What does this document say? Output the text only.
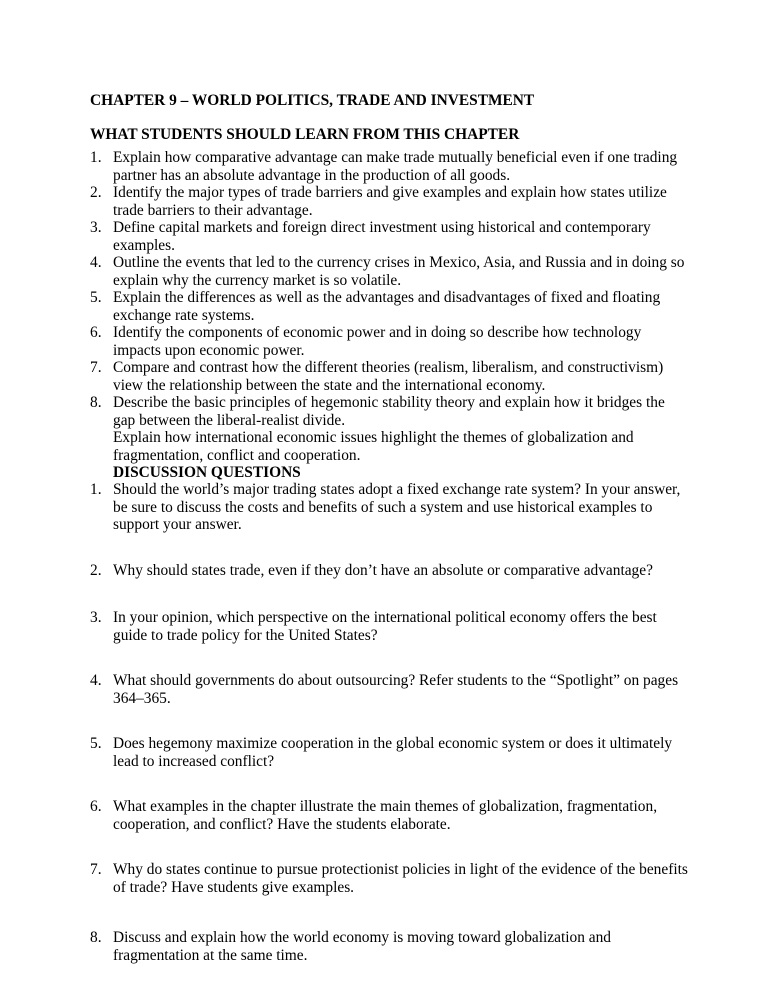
CHAPTER 9 – WORLD POLITICS, TRADE AND INVESTMENT
WHAT STUDENTS SHOULD LEARN FROM THIS CHAPTER
1. Explain how comparative advantage can make trade mutually beneficial even if one trading partner has an absolute advantage in the production of all goods.
2. Identify the major types of trade barriers and give examples and explain how states utilize trade barriers to their advantage.
3. Define capital markets and foreign direct investment using historical and contemporary examples.
4. Outline the events that led to the currency crises in Mexico, Asia, and Russia and in doing so explain why the currency market is so volatile.
5. Explain the differences as well as the advantages and disadvantages of fixed and floating exchange rate systems.
6. Identify the components of economic power and in doing so describe how technology impacts upon economic power.
7. Compare and contrast how the different theories (realism, liberalism, and constructivism) view the relationship between the state and the international economy.
8. Describe the basic principles of hegemonic stability theory and explain how it bridges the gap between the liberal-realist divide.
Explain how international economic issues highlight the themes of globalization and fragmentation, conflict and cooperation.
DISCUSSION QUESTIONS
1. Should the world’s major trading states adopt a fixed exchange rate system? In your answer, be sure to discuss the costs and benefits of such a system and use historical examples to support your answer.
2. Why should states trade, even if they don’t have an absolute or comparative advantage?
3. In your opinion, which perspective on the international political economy offers the best guide to trade policy for the United States?
4. What should governments do about outsourcing? Refer students to the “Spotlight” on pages 364–365.
5. Does hegemony maximize cooperation in the global economic system or does it ultimately lead to increased conflict?
6. What examples in the chapter illustrate the main themes of globalization, fragmentation, cooperation, and conflict? Have the students elaborate.
7. Why do states continue to pursue protectionist policies in light of the evidence of the benefits of trade? Have students give examples.
8. Discuss and explain how the world economy is moving toward globalization and fragmentation at the same time.
